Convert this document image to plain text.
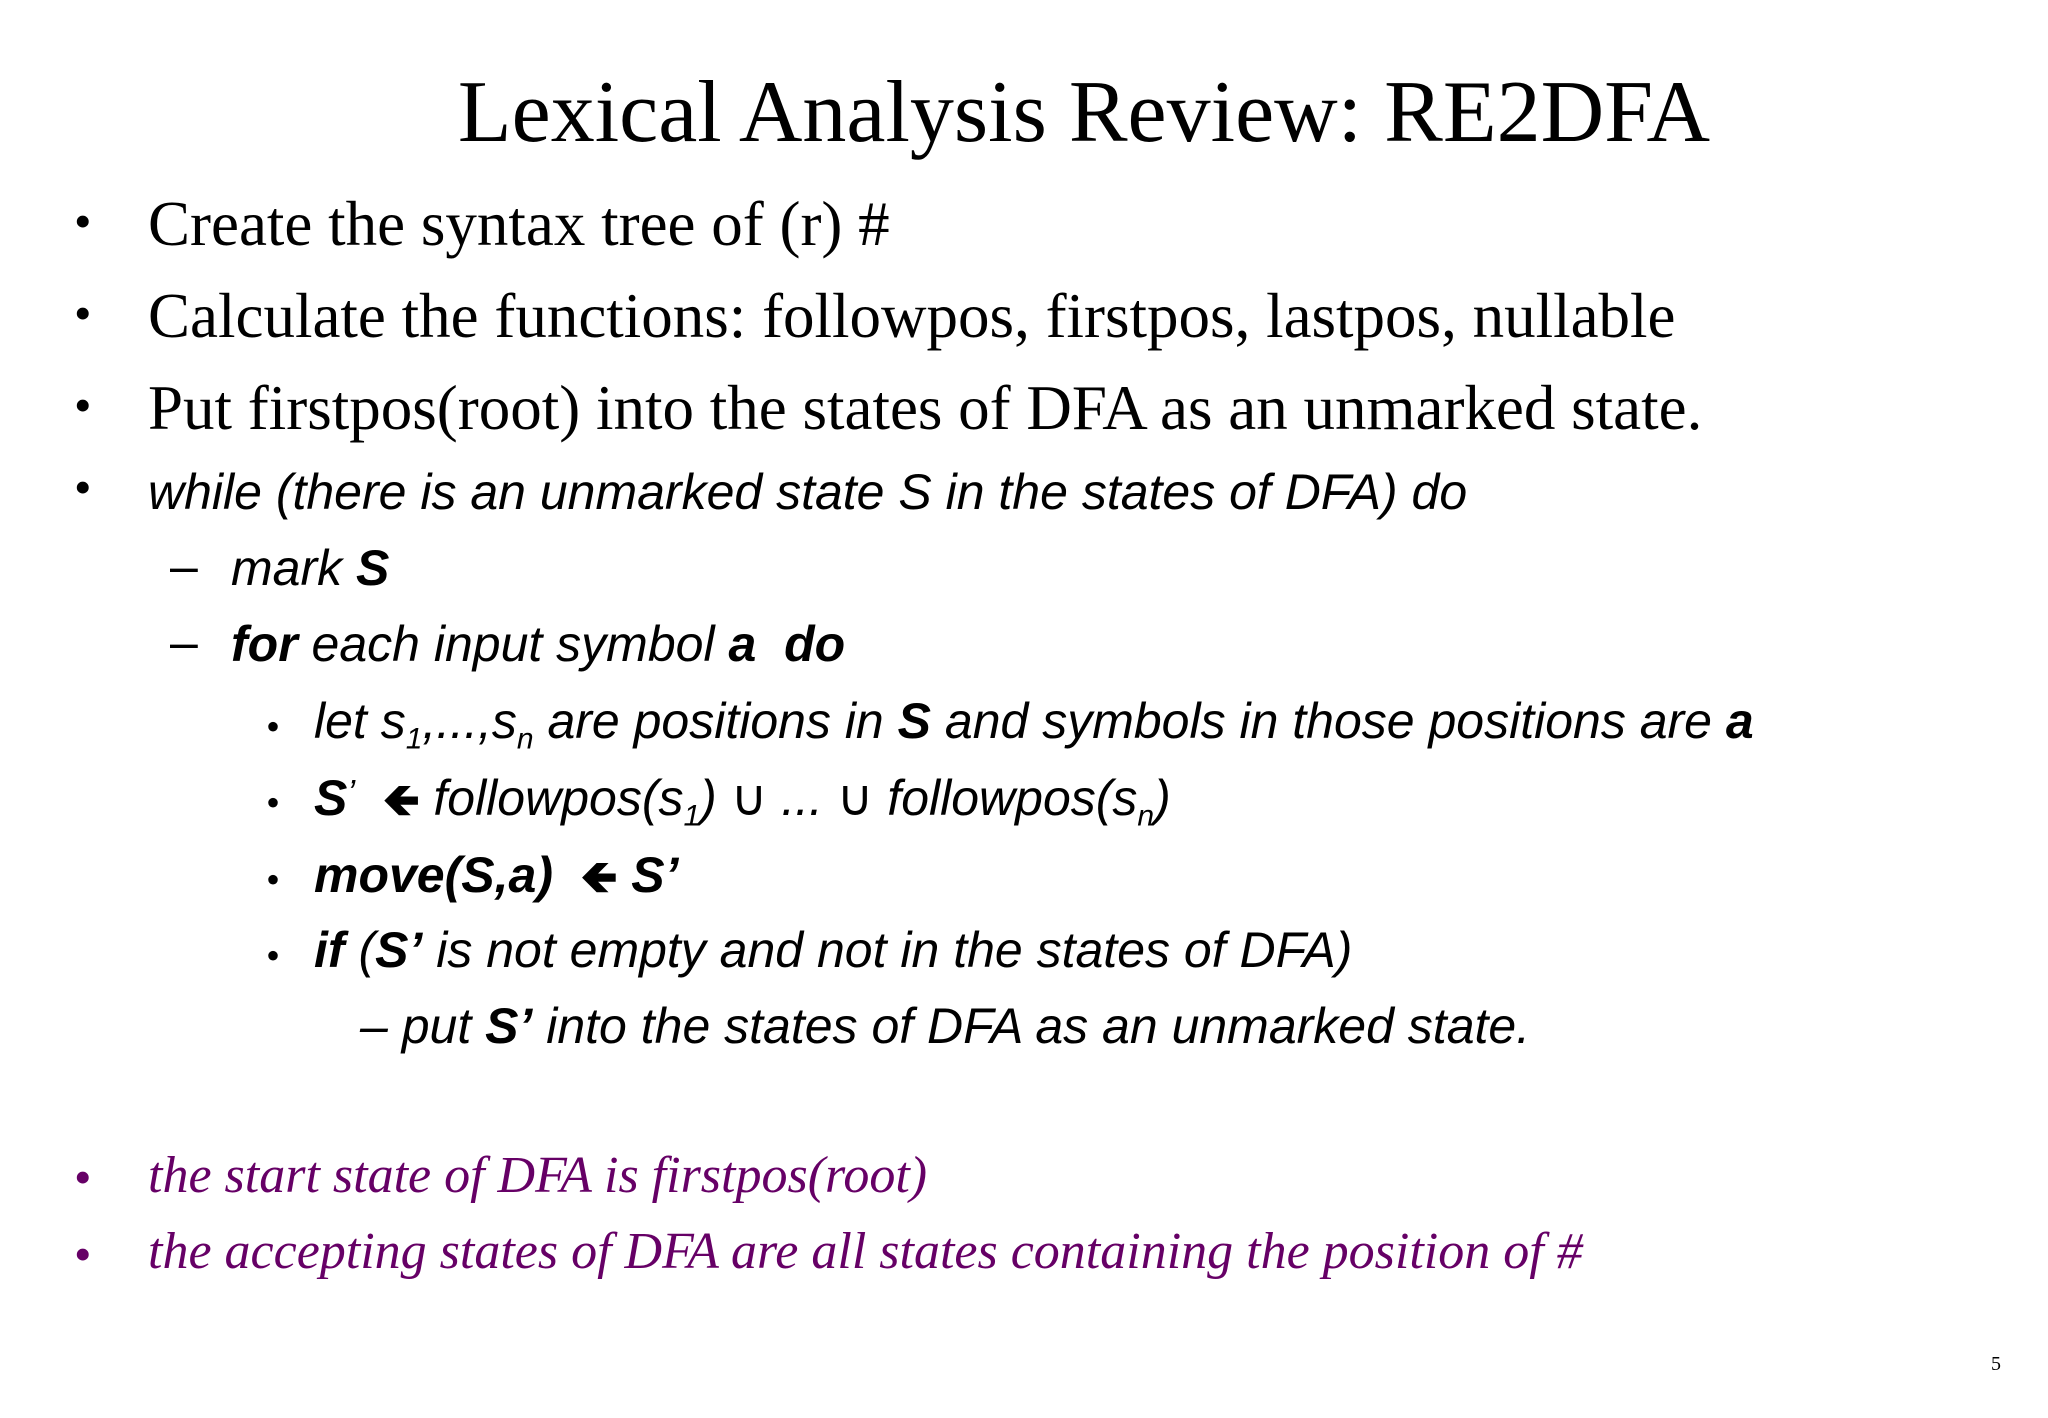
Lexical Analysis Review: RE2DFA
• Create the syntax tree of (r) #
• Calculate the functions: followpos, firstpos, lastpos, nullable
• Put firstpos(root) into the states of DFA as an unmarked state.
• while (there is an unmarked state S in the states of DFA) do
– mark S
– for each input symbol a do
• let $s_1,...,s_n$ are positions in S and symbols in those positions are a
• S’ 🡸 $followpos(s_1)$ ∪ ... ∪ $followpos(s_n)$
• move(S,a) 🡸 S’
• if (S’ is not empty and not in the states of DFA)
– put S’ into the states of DFA as an unmarked state.
• the start state of DFA is firstpos(root)
• the accepting states of DFA are all states containing the position of #
5
